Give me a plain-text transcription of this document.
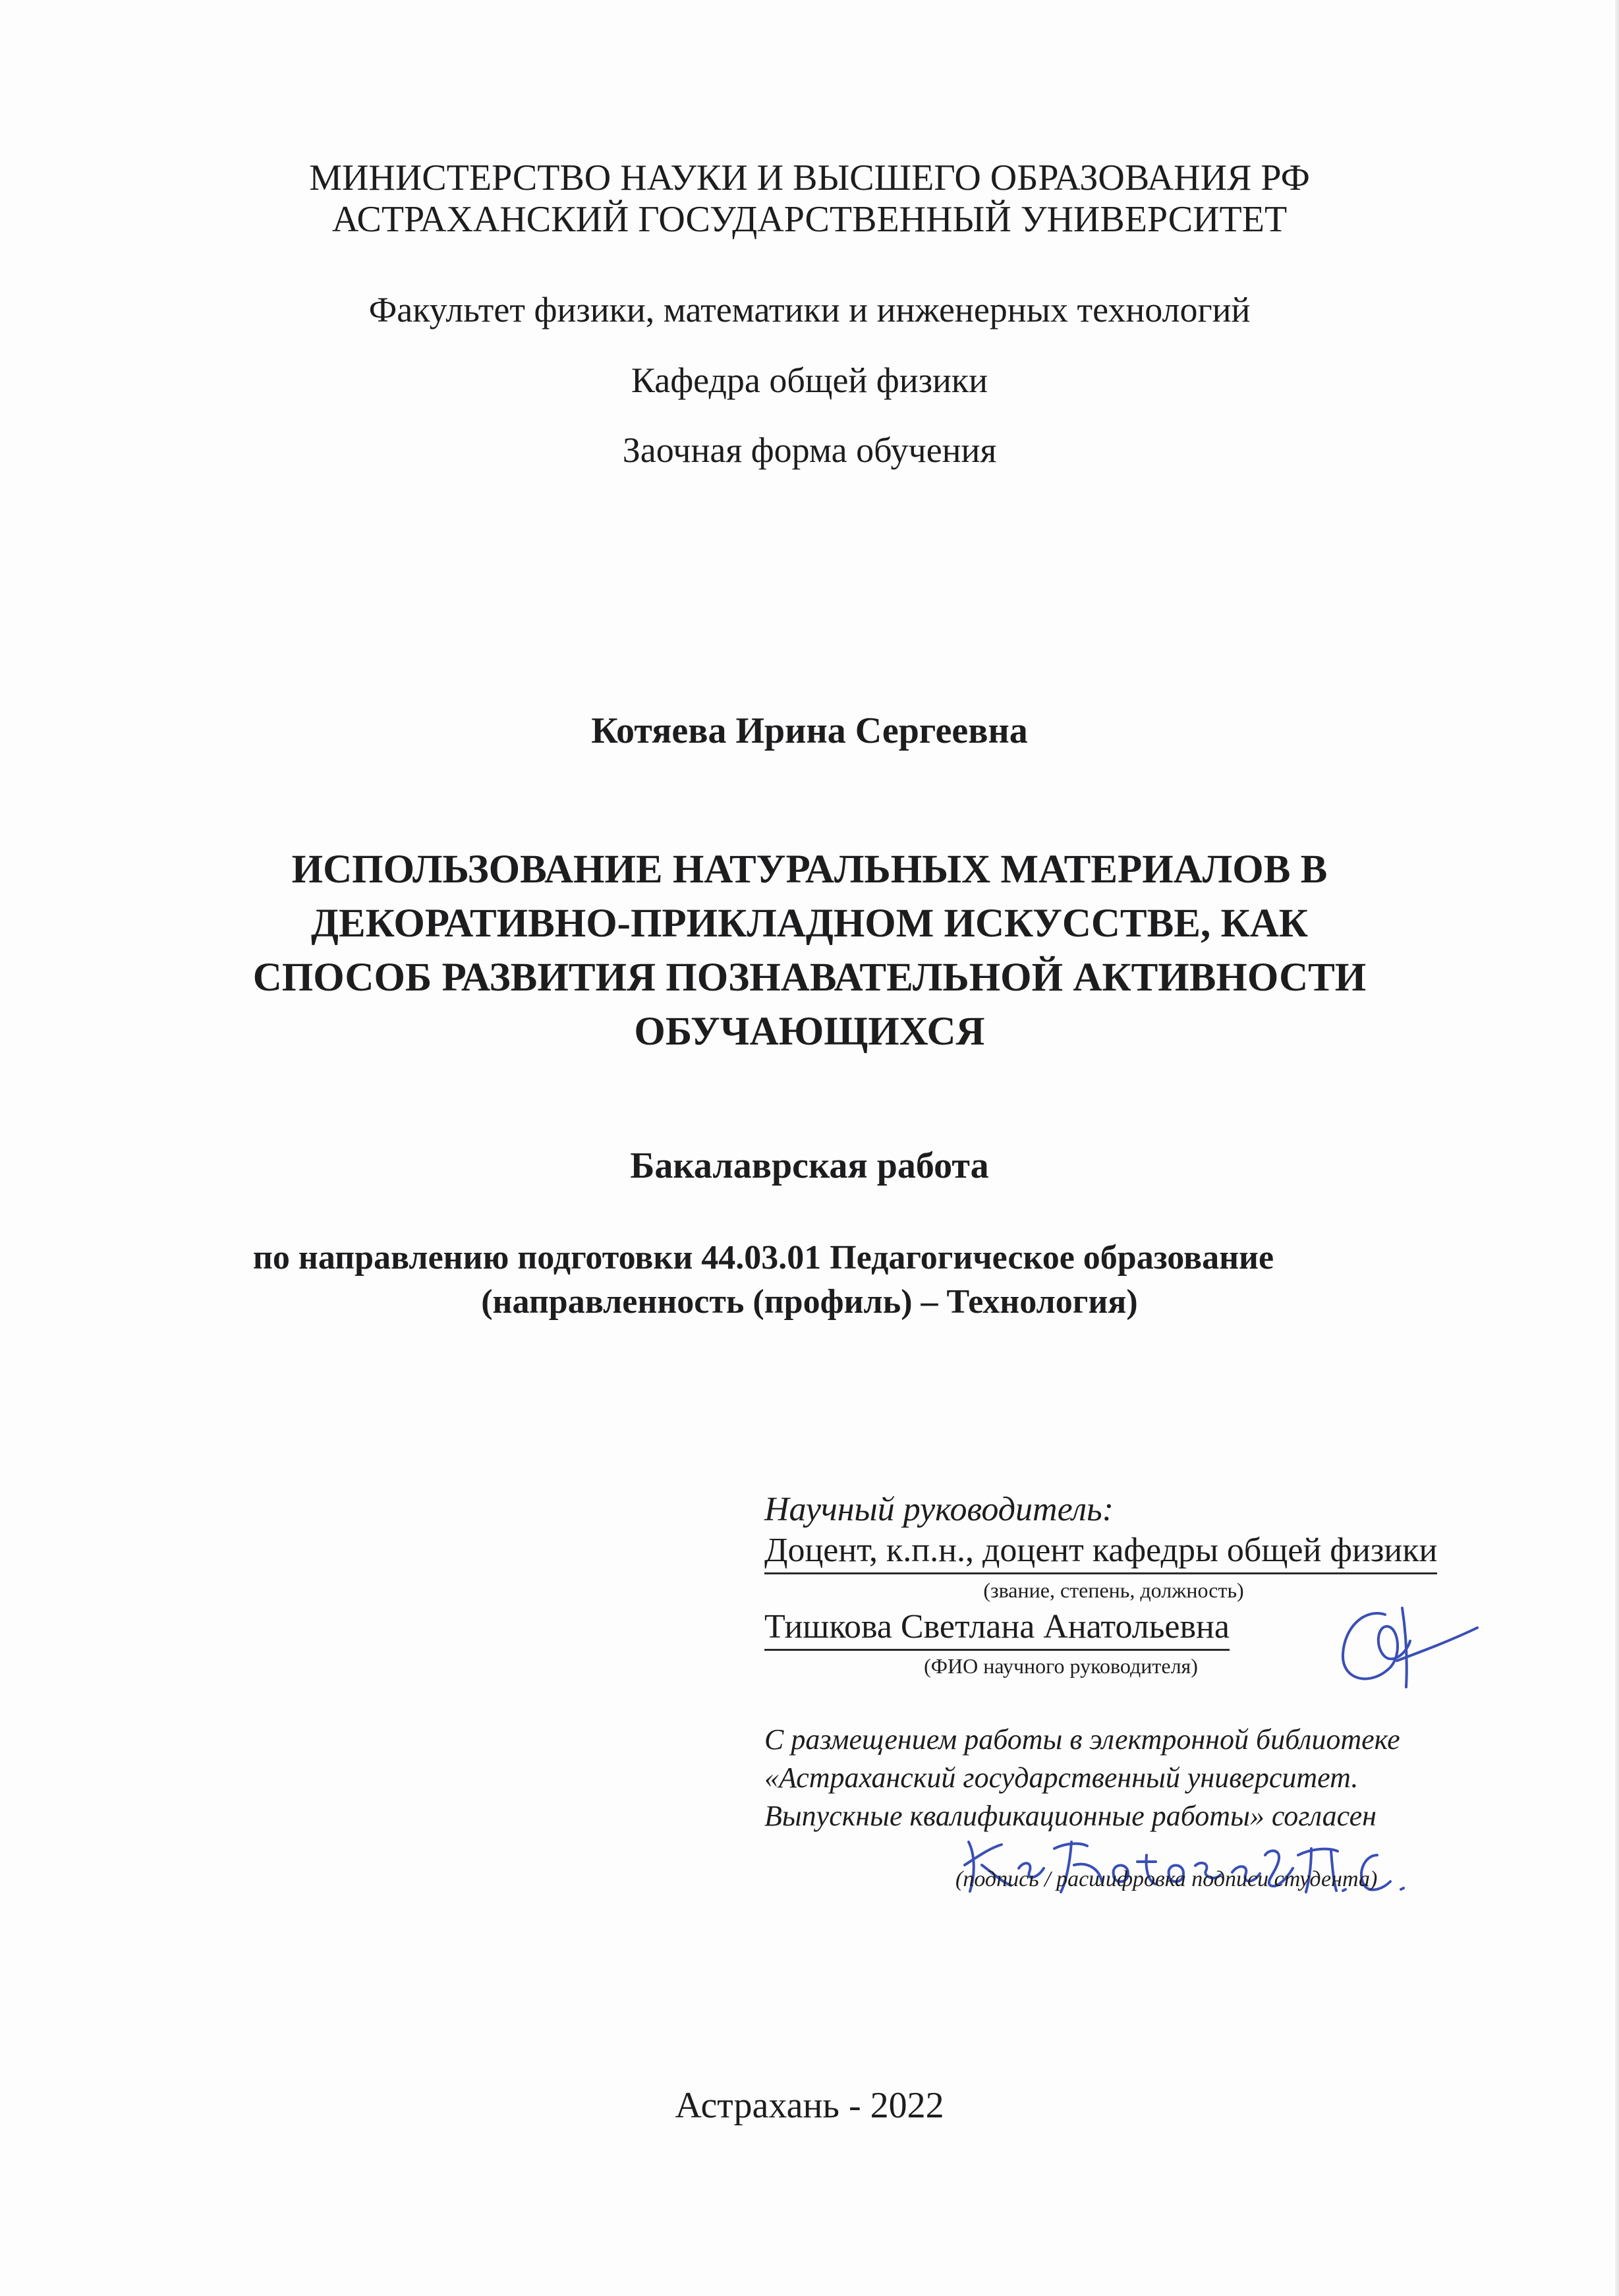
МИНИСТЕРСТВО НАУКИ И ВЫСШЕГО ОБРАЗОВАНИЯ РФ
АСТРАХАНСКИЙ ГОСУДАРСТВЕННЫЙ УНИВЕРСИТЕТ
Факультет физики, математики и инженерных технологий
Кафедра общей физики
Заочная форма обучения
Котяева Ирина Сергеевна
ИСПОЛЬЗОВАНИЕ НАТУРАЛЬНЫХ МАТЕРИАЛОВ В
ДЕКОРАТИВНО-ПРИКЛАДНОМ ИСКУССТВЕ, КАК
СПОСОБ РАЗВИТИЯ ПОЗНАВАТЕЛЬНОЙ АКТИВНОСТИ
ОБУЧАЮЩИХСЯ
Бакалаврская работа
по направлению подготовки 44.03.01 Педагогическое образование
(направленность (профиль) – Технология)
Научный руководитель:
Доцент, к.п.н., доцент кафедры общей физики
(звание, степень, должность)
Тишкова Светлана Анатольевна
(ФИО научного руководителя)
С размещением работы в электронной библиотеке
«Астраханский государственный университет.
Выпускные квалификационные работы» согласен
(подпись / расшифровка подписи студента)
Астрахань - 2022
